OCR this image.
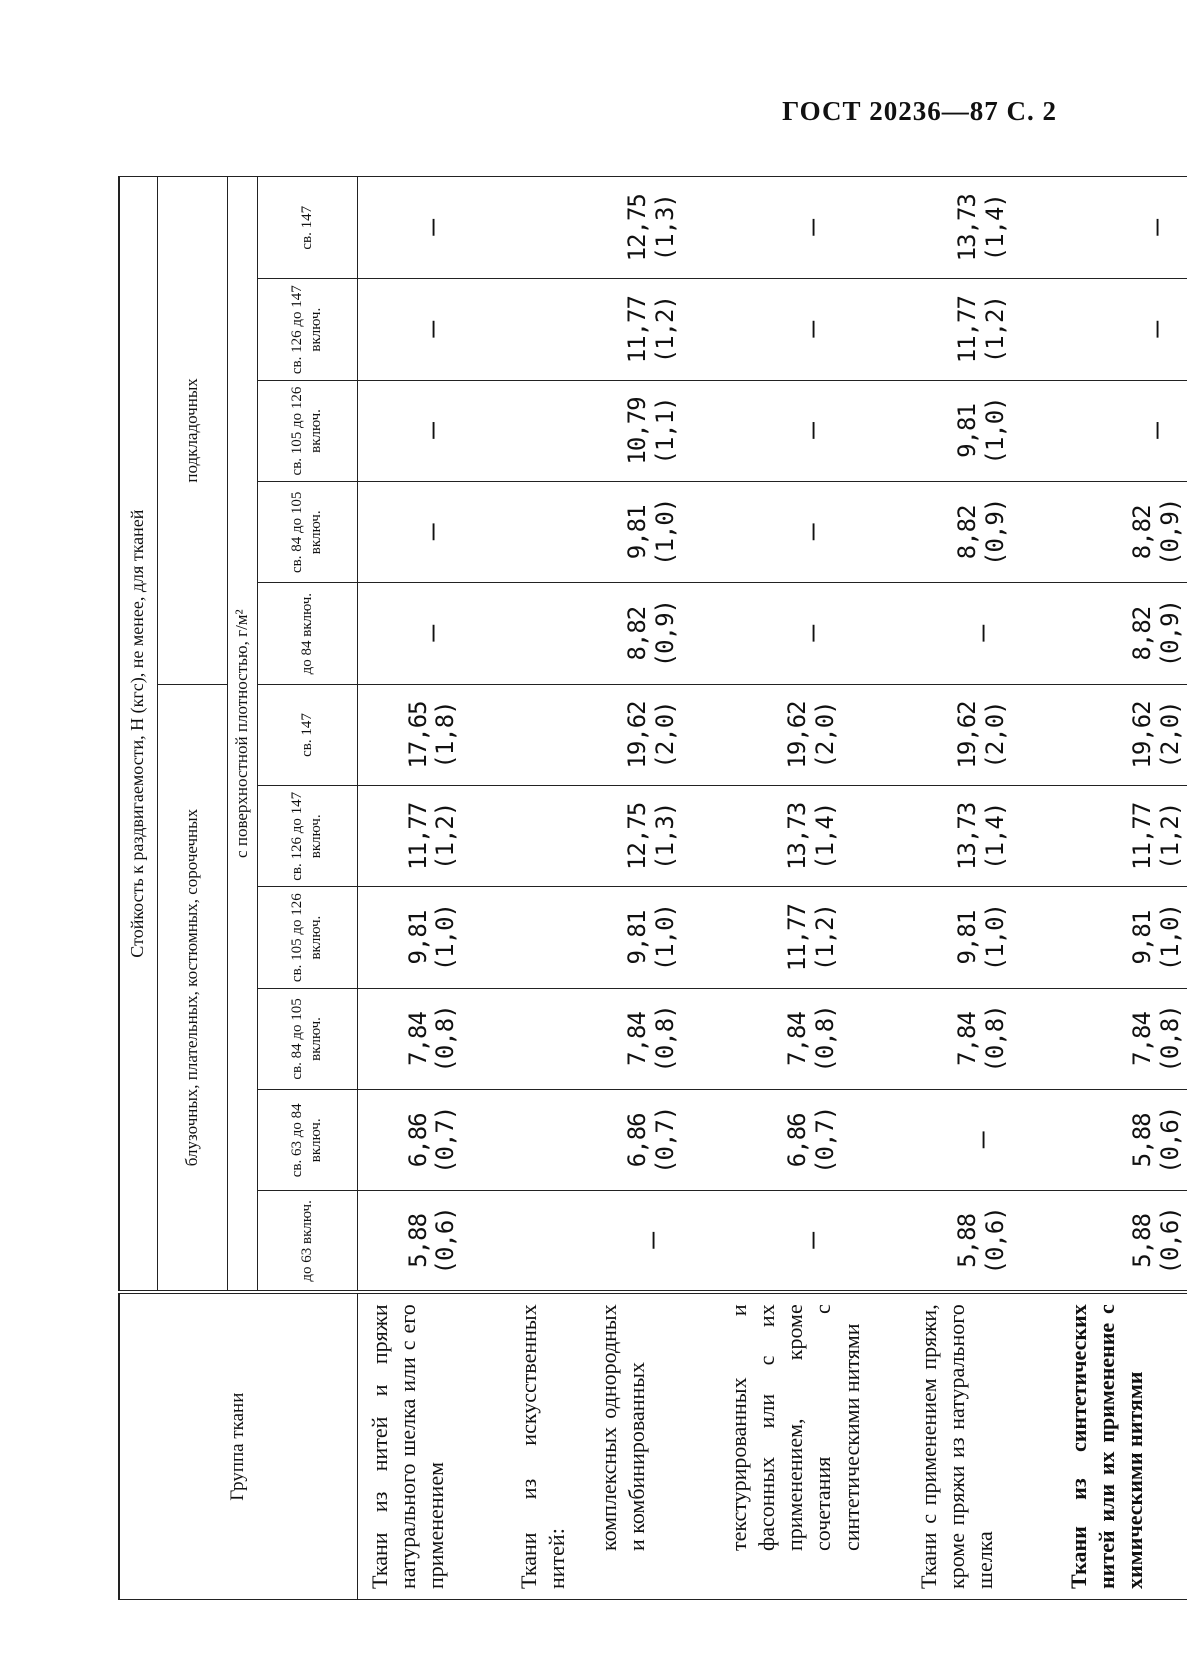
ГОСТ 20236—87 С. 2
Группа ткани	Стойкость к раздвигаемости, Н (кгс), не менее, для тканей										
	блузочных, плательных, костюмных, сорочечных						подкладочных				
	с поверхностной плотностью, г/м²										
	до 63 включ.	св. 63 до 84 включ.	св. 84 до 105 включ.	св. 105 до 126 включ.	св. 126 до 147 включ.	св. 147	до 84 включ.	св. 84 до 105 включ.	св. 105 до 126 включ.	св. 126 до 147 включ.	св. 147
Ткани из нитей и пряжи натурального шелка или с его применением	5,88 (0,6)	6,86 (0,7)	7,84 (0,8)	9,81 (1,0)	11,77 (1,2)	17,65 (1,8)	—	—	—	—	—
Ткани из искусственных нитей:											
комплексных однородных и комбинированных	—	6,86 (0,7)	7,84 (0,8)	9,81 (1,0)	12,75 (1,3)	19,62 (2,0)	8,82 (0,9)	9,81 (1,0)	10,79 (1,1)	11,77 (1,2)	12,75 (1,3)
текстурированных и фасонных или с их применением, кроме сочетания с синтетическими нитями	—	6,86 (0,7)	7,84 (0,8)	11,77 (1,2)	13,73 (1,4)	19,62 (2,0)	—	—	—	—	—
Ткани с применением пряжи, кроме пряжи из натурального шелка	5,88 (0,6)	—	7,84 (0,8)	9,81 (1,0)	13,73 (1,4)	19,62 (2,0)	—	8,82 (0,9)	9,81 (1,0)	11,77 (1,2)	13,73 (1,4)
Ткани из синтетических нитей или их применение с химическими нитями	5,88 (0,6)	5,88 (0,6)	7,84 (0,8)	9,81 (1,0)	11,77 (1,2)	19,62 (2,0)	8,82 (0,9)	8,82 (0,9)	—	—	—
